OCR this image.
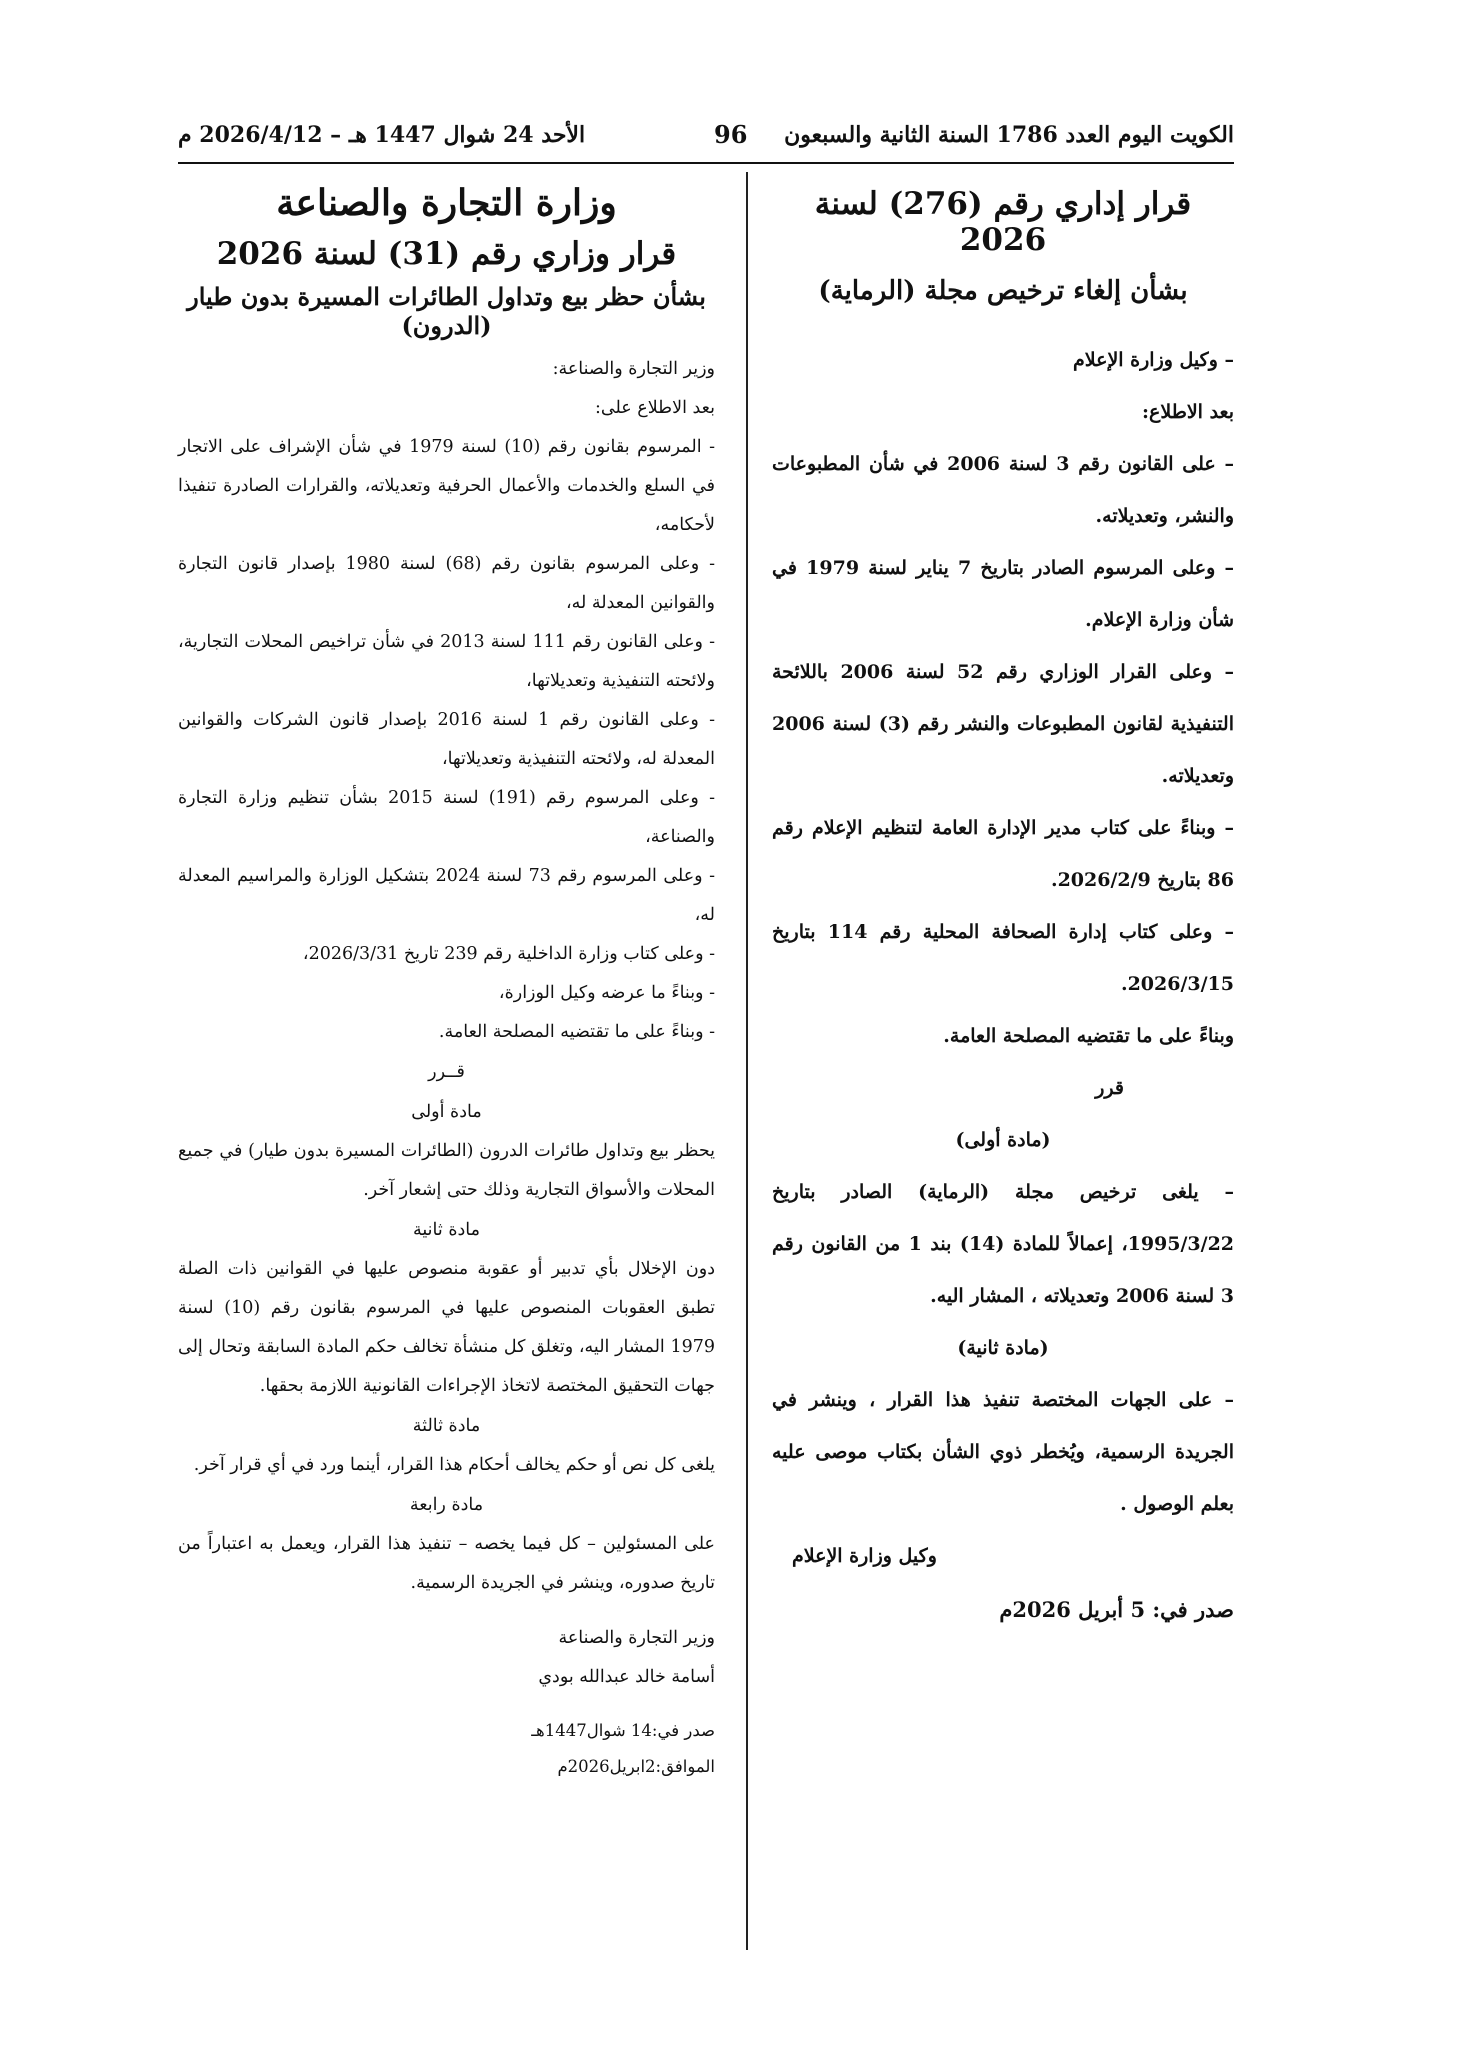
الكويت اليوم العدد 1786 السنة الثانية والسبعون
96
الأحد 24 شوال 1447 هـ – 2026/4/12 م
قرار إداري رقم (276) لسنة 2026
بشأن إلغاء ترخيص مجلة (الرماية)

– وكيل وزارة الإعلام

بعد الاطلاع:

– على القانون رقم 3 لسنة 2006 في شأن المطبوعات والنشر، وتعديلاته.

– وعلى المرسوم الصادر بتاريخ 7 يناير لسنة 1979 في شأن وزارة الإعلام.

– وعلى القرار الوزاري رقم 52 لسنة 2006 باللائحة التنفيذية لقانون المطبوعات والنشر رقم (3) لسنة 2006 وتعديلاته.

– وبناءً على كتاب مدير الإدارة العامة لتنظيم الإعلام رقم 86 بتاريخ 2026/2/9.

– وعلى كتاب إدارة الصحافة المحلية رقم 114 بتاريخ 2026/3/15.

وبناءً على ما تقتضيه المصلحة العامة.

قرر

(مادة أولى)

– يلغى ترخيص مجلة (الرماية) الصادر بتاريخ 1995/3/22، إعمالاً للمادة (14) بند 1 من القانون رقم 3 لسنة 2006 وتعديلاته ، المشار اليه.

(مادة ثانية)

– على الجهات المختصة تنفيذ هذا القرار ، وينشر في الجريدة الرسمية، ويُخطر ذوي الشأن بكتاب موصى عليه بعلم الوصول .

وكيل وزارة الإعلام

صدر في: 5 أبريل 2026م

وزارة التجارة والصناعة
قرار وزاري رقم (31) لسنة 2026
بشأن حظر بيع وتداول الطائرات المسيرة بدون طيار (الدرون)

وزير التجارة والصناعة:

بعد الاطلاع على:

- المرسوم بقانون رقم (10) لسنة 1979 في شأن الإشراف على الاتجار في السلع والخدمات والأعمال الحرفية وتعديلاته، والقرارات الصادرة تنفيذا لأحكامه،

- وعلى المرسوم بقانون رقم (68) لسنة 1980 بإصدار قانون التجارة والقوانين المعدلة له،

- وعلى القانون رقم 111 لسنة 2013 في شأن تراخيص المحلات التجارية، ولائحته التنفيذية وتعديلاتها،

- وعلى القانون رقم 1 لسنة 2016 بإصدار قانون الشركات والقوانين المعدلة له، ولائحته التنفيذية وتعديلاتها،

- وعلى المرسوم رقم (191) لسنة 2015 بشأن تنظيم وزارة التجارة والصناعة،

- وعلى المرسوم رقم 73 لسنة 2024 بتشكيل الوزارة والمراسيم المعدلة له،

- وعلى كتاب وزارة الداخلية رقم 239 تاريخ 2026/3/31،

- وبناءً ما عرضه وكيل الوزارة،

- وبناءً على ما تقتضيه المصلحة العامة.

قــرر

مادة أولى

يحظر بيع وتداول طائرات الدرون (الطائرات المسيرة بدون طيار) في جميع المحلات والأسواق التجارية وذلك حتى إشعار آخر.

مادة ثانية

دون الإخلال بأي تدبير أو عقوبة منصوص عليها في القوانين ذات الصلة تطبق العقوبات المنصوص عليها في المرسوم بقانون رقم (10) لسنة 1979 المشار اليه، وتغلق كل منشأة تخالف حكم المادة السابقة وتحال إلى جهات التحقيق المختصة لاتخاذ الإجراءات القانونية اللازمة بحقها.

مادة ثالثة

يلغى كل نص أو حكم يخالف أحكام هذا القرار، أينما ورد في أي قرار آخر.

مادة رابعة

على المسئولين – كل فيما يخصه – تنفيذ هذا القرار، ويعمل به اعتباراً من تاريخ صدوره، وينشر في الجريدة الرسمية.

وزير التجارة والصناعة

أسامة خالد عبدالله بودي

صدر في:14 شوال1447هـ

الموافق:2ابريل2026م
